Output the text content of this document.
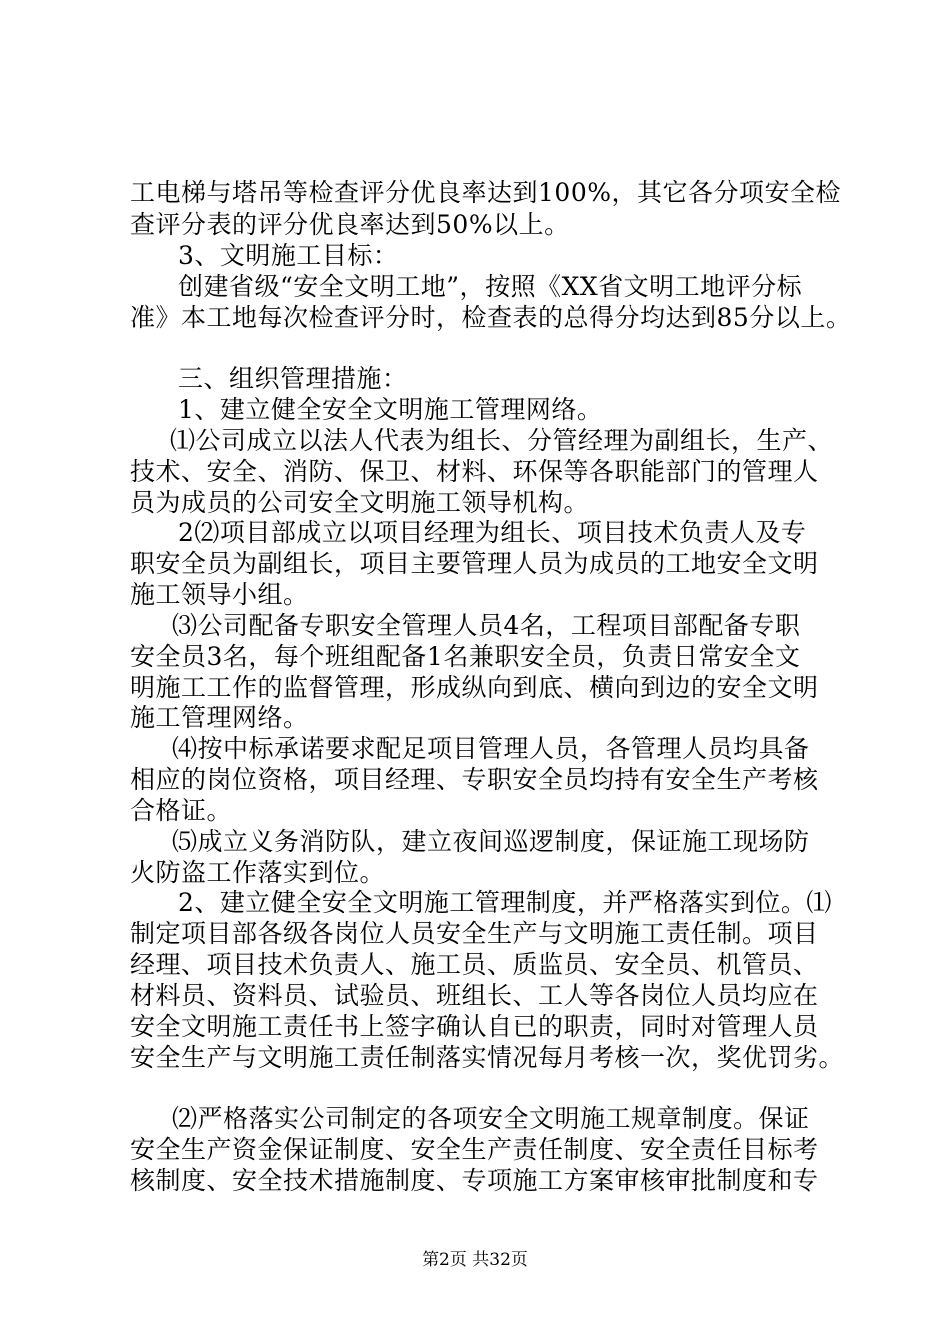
工电梯与塔吊等检查评分优良率达到100%，其它各分项安全检
查评分表的评分优良率达到50%以上。
3、文明施工目标：
创建省级“安全文明工地”，按照《XX省文明工地评分标
准》本工地每次检查评分时，检查表的总得分均达到85分以上。
三、组织管理措施：
1、建立健全安全文明施工管理网络。
⑴公司成立以法人代表为组长、分管经理为副组长，生产、
技术、安全、消防、保卫、材料、环保等各职能部门的管理人
员为成员的公司安全文明施工领导机构。
2⑵项目部成立以项目经理为组长、项目技术负责人及专
职安全员为副组长，项目主要管理人员为成员的工地安全文明
施工领导小组。
⑶公司配备专职安全管理人员4名，工程项目部配备专职
安全员3名，每个班组配备1名兼职安全员，负责日常安全文
明施工工作的监督管理，形成纵向到底、横向到边的安全文明
施工管理网络。
⑷按中标承诺要求配足项目管理人员，各管理人员均具备
相应的岗位资格，项目经理、专职安全员均持有安全生产考核
合格证。
⑸成立义务消防队，建立夜间巡逻制度，保证施工现场防
火防盗工作落实到位。
2、建立健全安全文明施工管理制度，并严格落实到位。⑴
制定项目部各级各岗位人员安全生产与文明施工责任制。项目
经理、项目技术负责人、施工员、质监员、安全员、机管员、
材料员、资料员、试验员、班组长、工人等各岗位人员均应在
安全文明施工责任书上签字确认自已的职责，同时对管理人员
安全生产与文明施工责任制落实情况每月考核一次，奖优罚劣。
⑵严格落实公司制定的各项安全文明施工规章制度。保证
安全生产资金保证制度、安全生产责任制度、安全责任目标考
核制度、安全技术措施制度、专项施工方案审核审批制度和专
第2页 共32页
